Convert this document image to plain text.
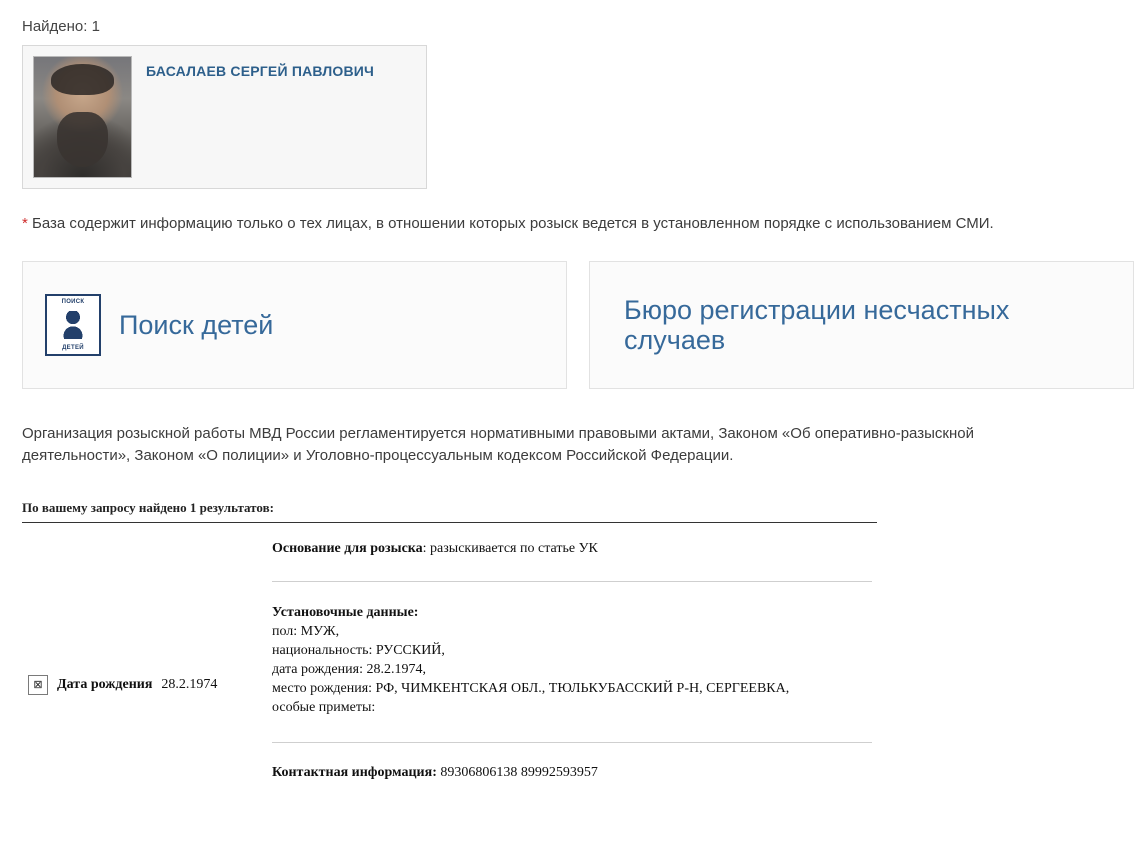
Найдено: 1
БАСАЛАЕВ СЕРГЕЙ ПАВЛОВИЧ
* База содержит информацию только о тех лицах, в отношении которых розыск ведется в установленном порядке с использованием СМИ.
ПОИСК
ДЕТЕЙ
Поиск детей
Бюро регистрации несчастных случаев
Организация розыскной работы МВД России регламентируется нормативными правовыми актами, Законом «Об оперативно-разыскной деятельности», Законом «О полиции» и Уголовно-процессуальным кодексом Российской Федерации.
По вашему запросу найдено 1 результатов:
⊠	Дата рождения 28.2.1974
Основание для розыска: разыскивается по статье УК
Установочные данные:
пол: МУЖ,
национальность: РУССКИЙ,
дата рождения: 28.2.1974,
место рождения: РФ, ЧИМКЕНТСКАЯ ОБЛ., ТЮЛЬКУБАССКИЙ Р-Н, СЕРГЕЕВКА,
особые приметы:
Контактная информация: 89306806138 89992593957
